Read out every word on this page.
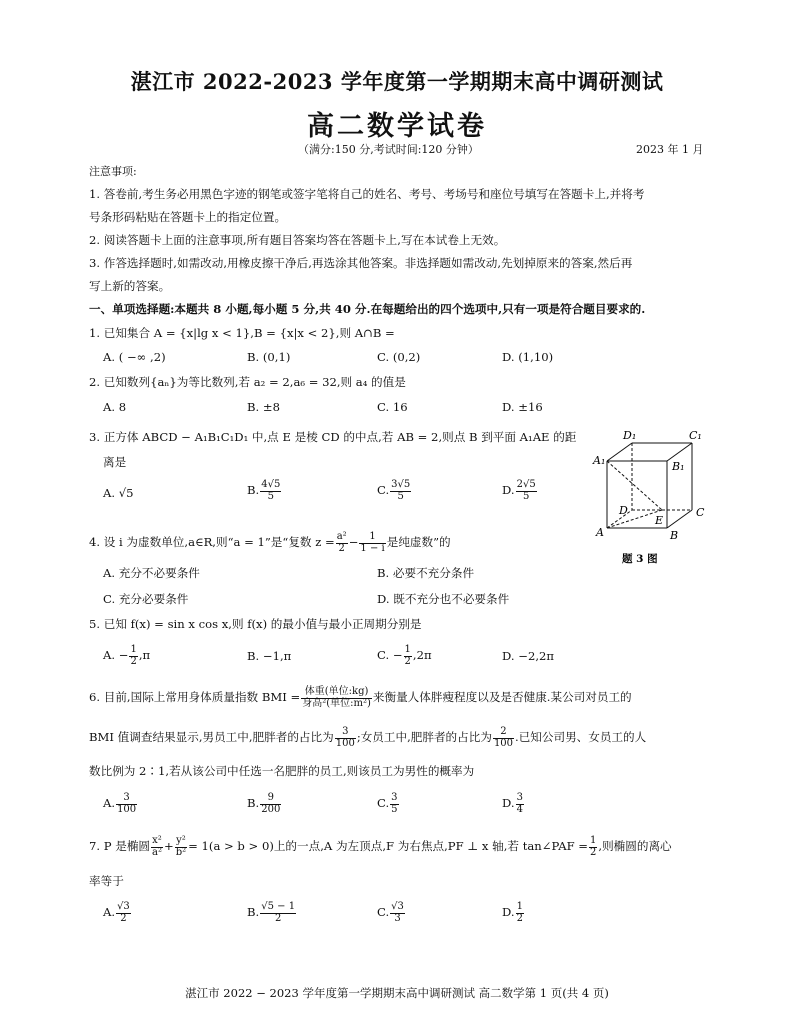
湛江市 2022-2023 学年度第一学期期末高中调研测试
高二数学试卷
（满分:150 分,考试时间:120 分钟）	2023 年 1 月
注意事项:
1. 答卷前,考生务必用黑色字迹的钢笔或签字笔将自己的姓名、考号、考场号和座位号填写在答题卡上,并将考
号条形码粘贴在答题卡上的指定位置。
2. 阅读答题卡上面的注意事项,所有题目答案均答在答题卡上,写在本试卷上无效。
3. 作答选择题时,如需改动,用橡皮擦干净后,再选涂其他答案。非选择题如需改动,先划掉原来的答案,然后再
写上新的答案。
一、单项选择题:本题共 8 小题,每小题 5 分,共 40 分.在每题给出的四个选项中,只有一项是符合题目要求的.
1. 已知集合 A = {x|lg x < 1},B = {x|x < 2},则 A∩B =
A. ( −∞ ,2)	B. (0,1)	C. (0,2)	D. (1,10)
2. 已知数列{aₙ}为等比数列,若 a₂ = 2,a₆ = 32,则 a₄ 的值是
A. 8	B. ±8	C. 16	D. ±16
3. 正方体 ABCD − A₁B₁C₁D₁ 中,点 E 是棱 CD 的中点,若 AB = 2,则点 B 到平面 A₁AE 的距
离是
A. √5	B. $\frac{4√5}{5}$	C. $\frac{3√5}{5}$	D. $\frac{2√5}{5}$
D₁	C₁
A₁	B₁
D
E
C
A	B
题 3 图
4. 设 i 为虚数单位,a∈R,则“a = 1”是“复数 $z = \frac{\text{a²}}{2} - \frac{1}{1 - i}$ 是纯虚数”的
A. 充分不必要条件	B. 必要不充分条件
C. 充分必要条件	D. 既不充分也不必要条件
5. 已知 f(x) = sin x cos x,则 f(x) 的最小值与最小正周期分别是
A. − $\frac{1}{2} ,\pi$	B. −1,π	C. − $\frac{1}{2} ,2\pi$	D. −2,2π
6. 目前,国际上常用身体质量指数 BMI = $\frac{\text{体重(单位:kg)}}{\text{身高²(单位:m²)}}$ 来衡量人体胖瘦程度以及是否健康.某公司对员工的
BMI 值调查结果显示,男员工中,肥胖者的占比为 $\frac{3}{100}$ ;女员工中,肥胖者的占比为 $\frac{2}{100}$ .已知公司男、女员工的人
数比例为 2∶1,若从该公司中任选一名肥胖的员工,则该员工为男性的概率为
A. $\frac{3}{100}$	B. $\frac{9}{200}$	C. $\frac{3}{5}$	D. $\frac{3}{4}$
7. P 是椭圆 $\frac{\text{x²}}{\text{a²}} + \frac{\text{y²}}{\text{b²}} = 1(a > b > 0)$上的一点,A 为左顶点,F 为右焦点,PF ⊥ x 轴,若 tan∠PAF = $\frac{1}{2}$ ,则椭圆的离心
率等于
A. $\frac{√3}{2}$	B. $\frac{√5 - 1}{2}$	C. $\frac{√3}{3}$	D. $\frac{1}{2}$
湛江市 2022 − 2023 学年度第一学期期末高中调研测试 高二数学第 1 页(共 4 页)
